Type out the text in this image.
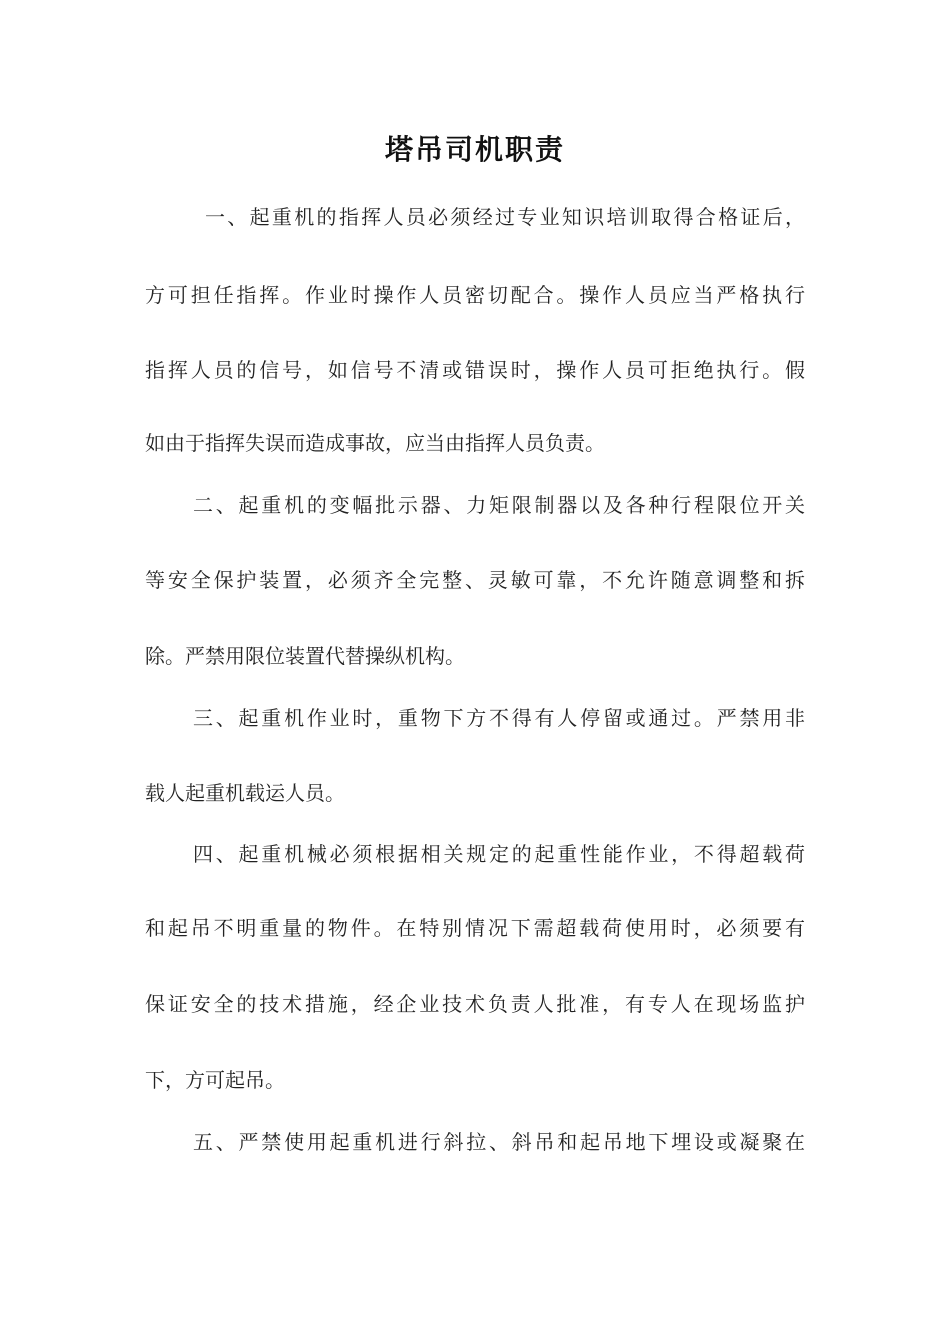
塔吊司机职责
一、起重机的指挥人员必须经过专业知识培训取得合格证后，
方可担任指挥。作业时操作人员密切配合。操作人员应当严格执行
指挥人员的信号，如信号不清或错误时，操作人员可拒绝执行。假
如由于指挥失误而造成事故，应当由指挥人员负责。
二、起重机的变幅批示器、力矩限制器以及各种行程限位开关
等安全保护装置，必须齐全完整、灵敏可靠，不允许随意调整和拆
除。严禁用限位装置代替操纵机构。
三、起重机作业时，重物下方不得有人停留或通过。严禁用非
载人起重机载运人员。
四、起重机械必须根据相关规定的起重性能作业，不得超载荷
和起吊不明重量的物件。在特别情况下需超载荷使用时，必须要有
保证安全的技术措施，经企业技术负责人批准，有专人在现场监护
下，方可起吊。
五、严禁使用起重机进行斜拉、斜吊和起吊地下埋设或凝聚在
